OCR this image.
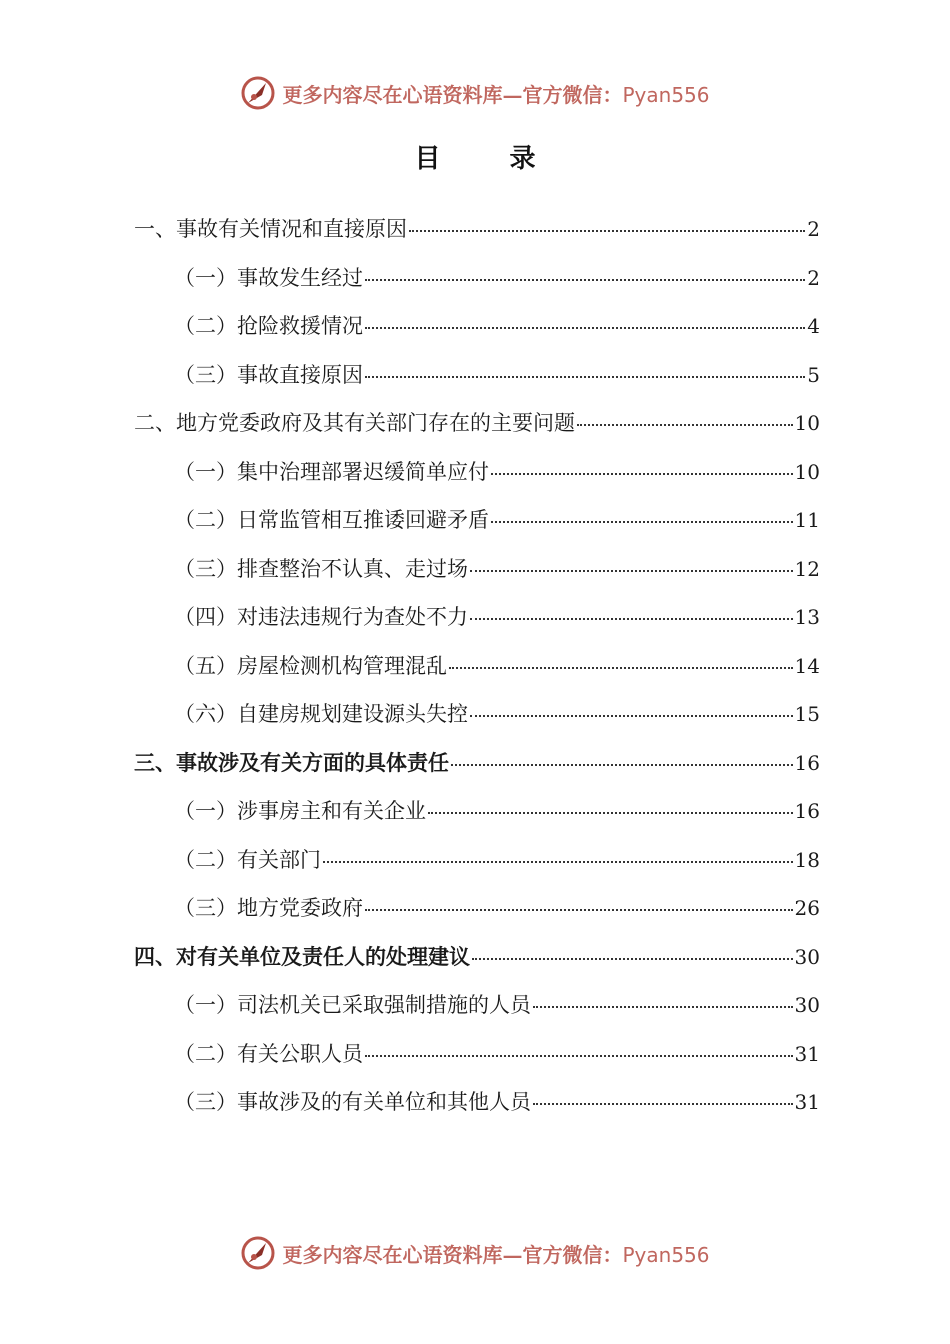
更多内容尽在心语资料库—官方微信：Pyan556
目 录
一、事故有关情况和直接原因	2
（一）事故发生经过	2
（二）抢险救援情况	4
（三）事故直接原因	5
二、地方党委政府及其有关部门存在的主要问题	10
（一）集中治理部署迟缓简单应付	10
（二）日常监管相互推诿回避矛盾	11
（三）排查整治不认真、走过场	12
（四）对违法违规行为查处不力	13
（五）房屋检测机构管理混乱	14
（六）自建房规划建设源头失控	15
三、事故涉及有关方面的具体责任	16
（一）涉事房主和有关企业	16
（二）有关部门	18
（三）地方党委政府	26
四、对有关单位及责任人的处理建议	30
（一）司法机关已采取强制措施的人员	30
（二）有关公职人员	31
（三）事故涉及的有关单位和其他人员	31
更多内容尽在心语资料库—官方微信：Pyan556
